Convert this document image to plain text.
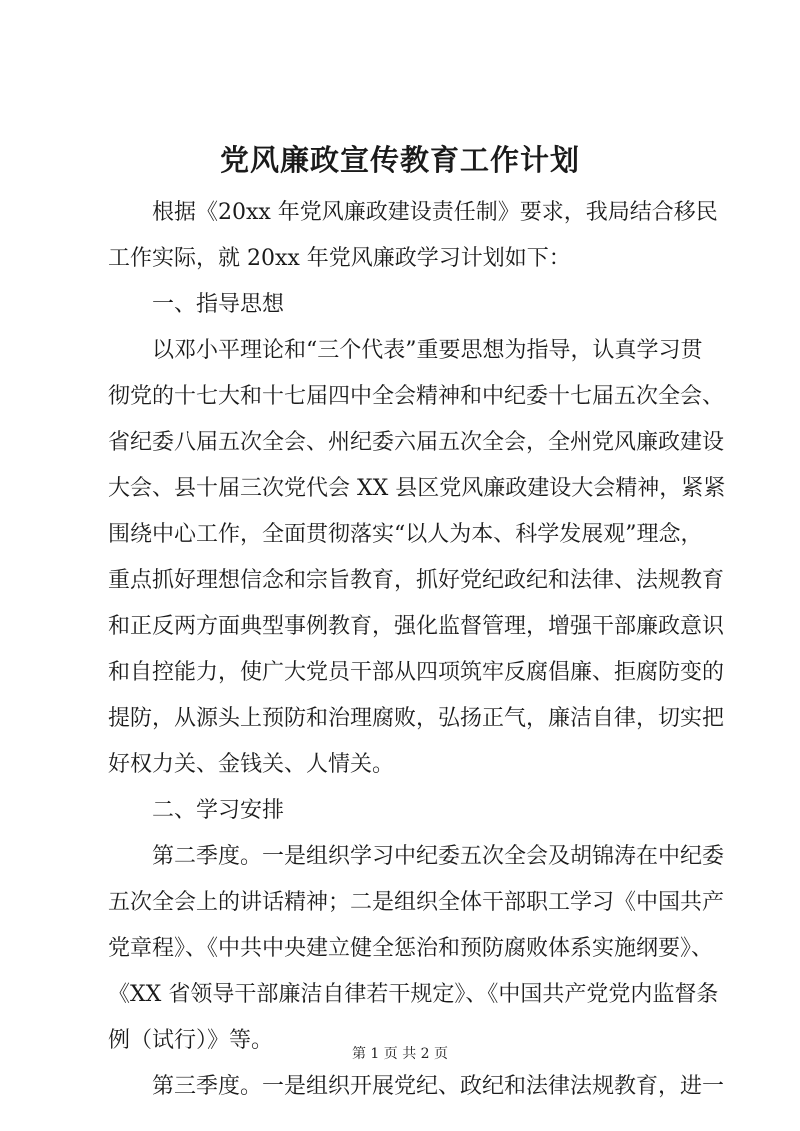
党风廉政宣传教育工作计划
　　根据《20xx 年党风廉政建设责任制》要求，我局结合移民
工作实际，就 20xx 年党风廉政学习计划如下：
　　一、指导思想
　　以邓小平理论和“三个代表”重要思想为指导，认真学习贯
彻党的十七大和十七届四中全会精神和中纪委十七届五次全会、
省纪委八届五次全会、州纪委六届五次全会，全州党风廉政建设
大会、县十届三次党代会 XX 县区党风廉政建设大会精神，紧紧
围绕中心工作，全面贯彻落实“以人为本、科学发展观”理念，
重点抓好理想信念和宗旨教育，抓好党纪政纪和法律、法规教育
和正反两方面典型事例教育，强化监督管理，增强干部廉政意识
和自控能力，使广大党员干部从四项筑牢反腐倡廉、拒腐防变的
提防，从源头上预防和治理腐败，弘扬正气，廉洁自律，切实把
好权力关、金钱关、人情关。
　　二、学习安排
　　第二季度。一是组织学习中纪委五次全会及胡锦涛在中纪委
五次全会上的讲话精神；二是组织全体干部职工学习《中国共产
党章程》、《中共中央建立健全惩治和预防腐败体系实施纲要》、
《XX 省领导干部廉洁自律若干规定》、《中国共产党党内监督条
例（试行）》等。
　　第三季度。一是组织开展党纪、政纪和法律法规教育，进一
第 1 页 共 2 页
